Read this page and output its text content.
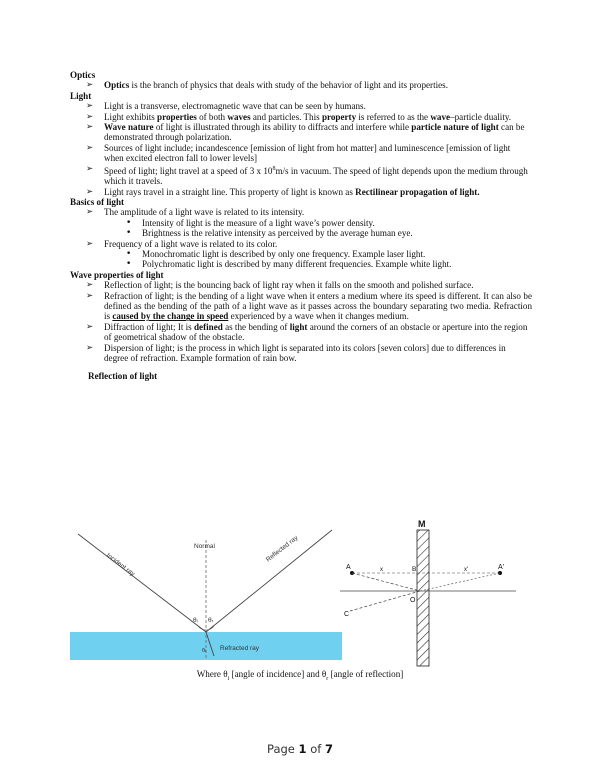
Optics

➢ Optics is the branch of physics that deals with study of the behavior of light and its properties.

Light

➢ Light is a transverse, electromagnetic wave that can be seen by humans.
➢ Light exhibits properties of both waves and particles. This property is referred to as the wave–particle duality.
➢ Wave nature of light is illustrated through its ability to diffracts and interfere while particle nature of light can be demonstrated through polarization.
➢ Sources of light include; incandescence [emission of light from hot matter] and luminescence [emission of light when excited electron fall to lower levels]
➢ Speed of light; light travel at a speed of 3 x $10^8m/s$ in vacuum. The speed of light depends upon the medium through which it travels.
➢ Light rays travel in a straight line. This property of light is known as Rectilinear propagation of light.

Basics of light

➢ The amplitude of a light wave is related to its intensity.
• Intensity of light is the measure of a light wave’s power density.
• Brightness is the relative intensity as perceived by the average human eye.
➢ Frequency of a light wave is related to its color.
• Monochromatic light is described by only one frequency. Example laser light.
• Polychromatic light is described by many different frequencies. Example white light.

Wave properties of light

➢ Reflection of light; is the bouncing back of light ray when it falls on the smooth and polished surface.
➢ Refraction of light; is the bending of a light wave when it enters a medium where its speed is different. It can also be defined as the bending of the path of a light wave as it passes across the boundary separating two media. Refraction is caused by the change in speed experienced by a wave when it changes medium.
➢ Diffraction of light; It is defined as the bending of light around the corners of an obstacle or aperture into the region of geometrical shadow of the obstacle.
➢ Dispersion of light; is the process in which light is separated into its colors [seven colors] due to differences in degree of refraction. Example formation of rain bow.

Reflection of light

Incident ray
Normal	Reflected ray
θᵢ θᵣ
θₜ Refracted ray
M
A	A'
B
O
C
x	x'
Where $\theta_i$ [angle of incidence] and $\theta_r$ [angle of reflection]
Page 1 of 7
